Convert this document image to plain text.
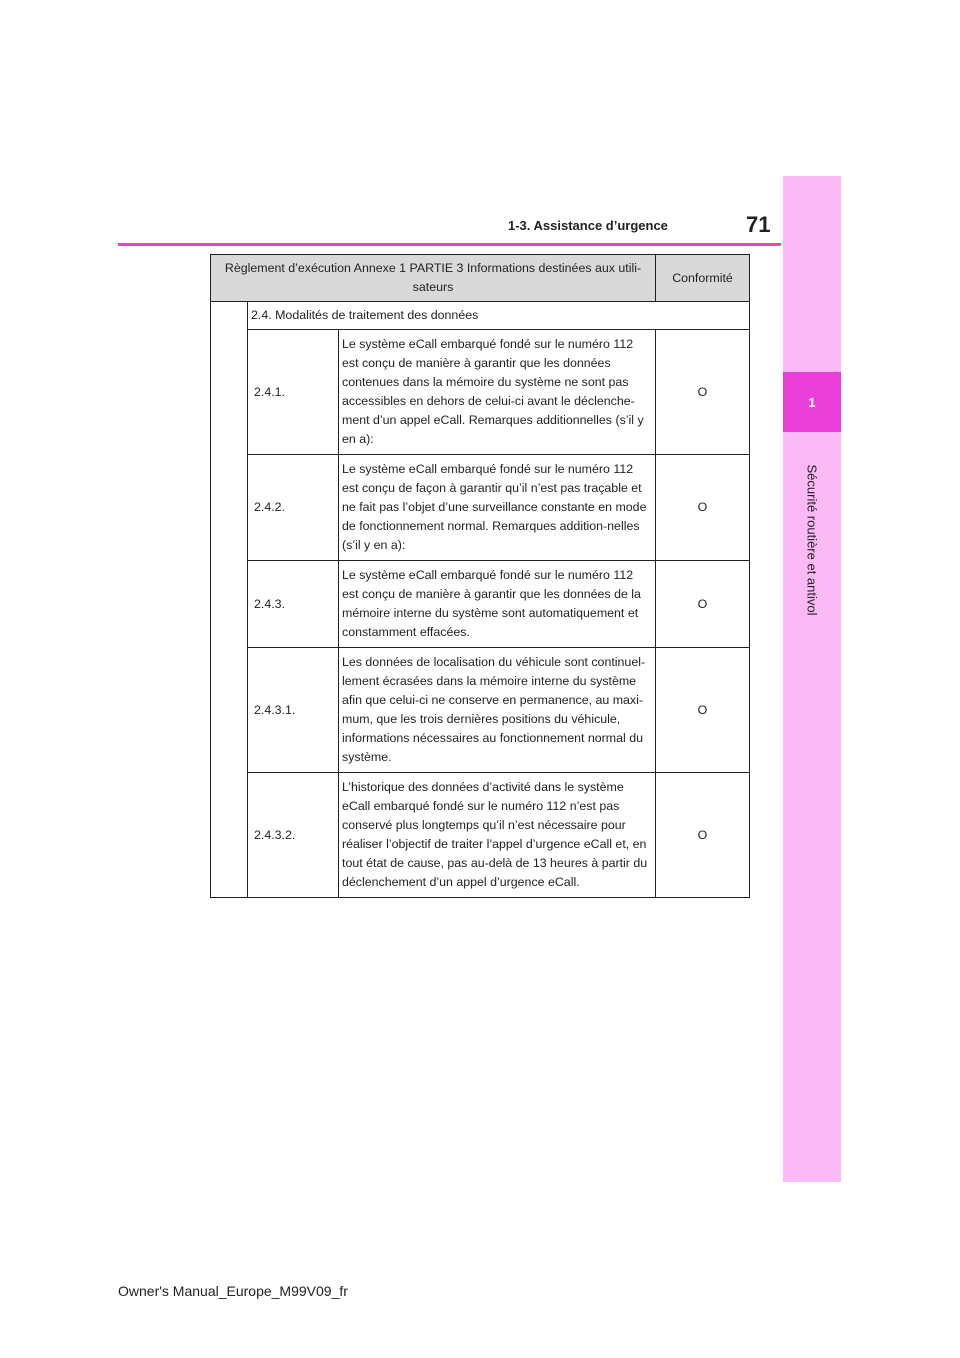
1
Sécurité routière et antivol
1-3. Assistance d’urgence	71
Règlement d’exécution Annexe 1 PARTIE 3 Informations destinées aux utili-sateurs			Conformité
	2.4. Modalités de traitement des données		
	2.4.1.	Le système eCall embarqué fondé sur le numéro 112 est conçu de manière à garantir que les données contenues dans la mémoire du système ne sont pas accessibles en dehors de celui-ci avant le déclenche-ment d’un appel eCall. Remarques additionnelles (s’il y en a):	O
	2.4.2.	Le système eCall embarqué fondé sur le numéro 112 est conçu de façon à garantir qu’il n’est pas traçable et ne fait pas l’objet d’une surveillance constante en mode de fonctionnement normal. Remarques addition-nelles (s’il y en a):	O
	2.4.3.	Le système eCall embarqué fondé sur le numéro 112 est conçu de manière à garantir que les données de la mémoire interne du système sont automatiquement et constamment effacées.	O
	2.4.3.1.	Les données de localisation du véhicule sont continuel-lement écrasées dans la mémoire interne du système afin que celui-ci ne conserve en permanence, au maxi-mum, que les trois dernières positions du véhicule, informations nécessaires au fonctionnement normal du système.	O
	2.4.3.2.	L’historique des données d’activité dans le système eCall embarqué fondé sur le numéro 112 n’est pas conservé plus longtemps qu’il n’est nécessaire pour réaliser l’objectif de traiter l’appel d’urgence eCall et, en tout état de cause, pas au-delà de 13 heures à partir du déclenchement d’un appel d’urgence eCall.	O
Owner's Manual_Europe_M99V09_fr
